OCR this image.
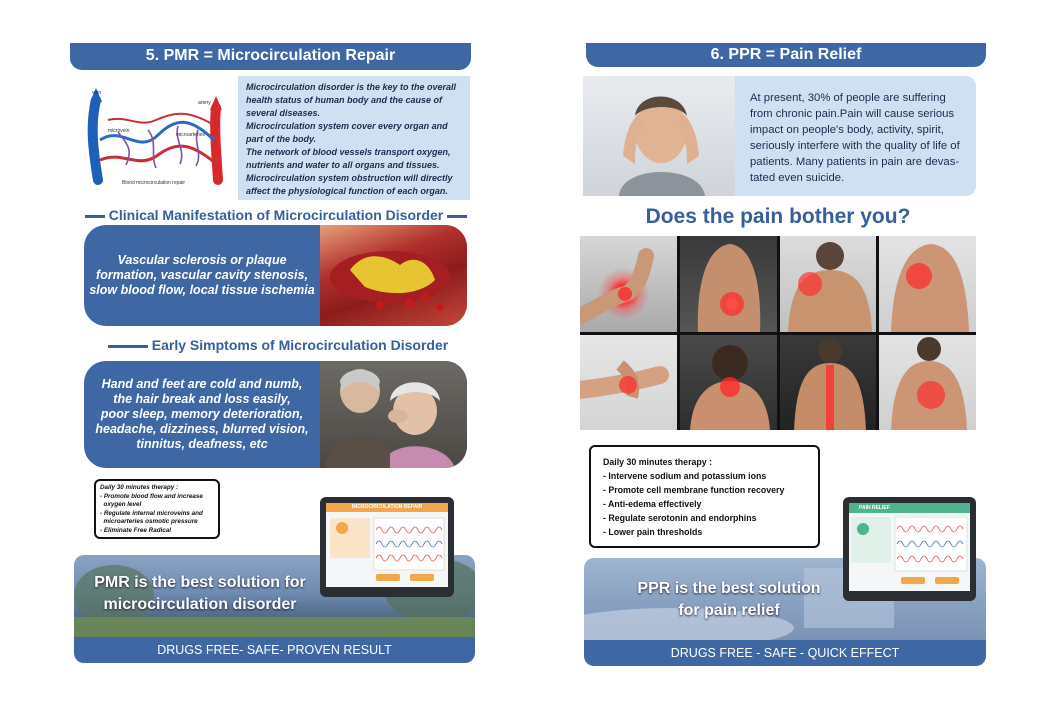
5. PMR = Microcirculation Repair
vein
artery
microvein
microarteries
Blood microcirculation repair
Microcirculation disorder is the key to the overall
health status of human body and the cause of
several diseases.
Microcirculation system cover every organ and
part of the body.
The network of blood vessels transport oxygen,
nutrients and water to all organs and tissues.
Microcirculation system obstruction will directly
affect the physiological function of each organ.
Clinical Manifestation of Microcirculation Disorder
Vascular sclerosis or plaque
formation, vascular cavity stenosis,
slow blood flow, local tissue ischemia
Early Simptoms of Microcirculation Disorder
Hand and feet are cold and numb,
the hair break and loss easily,
poor sleep, memory deterioration,
headache, dizziness, blurred vision,
tinnitus, deafness, etc
Daily 30 minutes therapy :
- Promote blood flow and increase
oxygen level
- Regulate internal microveins and
microarteries osmotic pressure
- Eliminate Free Radical
PMR is the best solution for
microcirculation disorder
DRUGS FREE- SAFE- PROVEN RESULT
MICROCIRCULATION REPAIR
6. PPR = Pain Relief
At present, 30% of people are suffering
from chronic pain.Pain will cause serious
impact on people's body, activity, spirit,
seriously interfere with the quality of life of
patients. Many patients in pain are devas-
tated even suicide.
Does the pain bother you?
Daily 30 minutes therapy :
- Intervene sodium and potassium ions
- Promote cell membrane function recovery
- Anti-edema effectively
- Regulate serotonin and endorphins
- Lower pain thresholds
PPR is the best solution
for pain relief
DRUGS FREE - SAFE - QUICK EFFECT
PAIN RELIEF
